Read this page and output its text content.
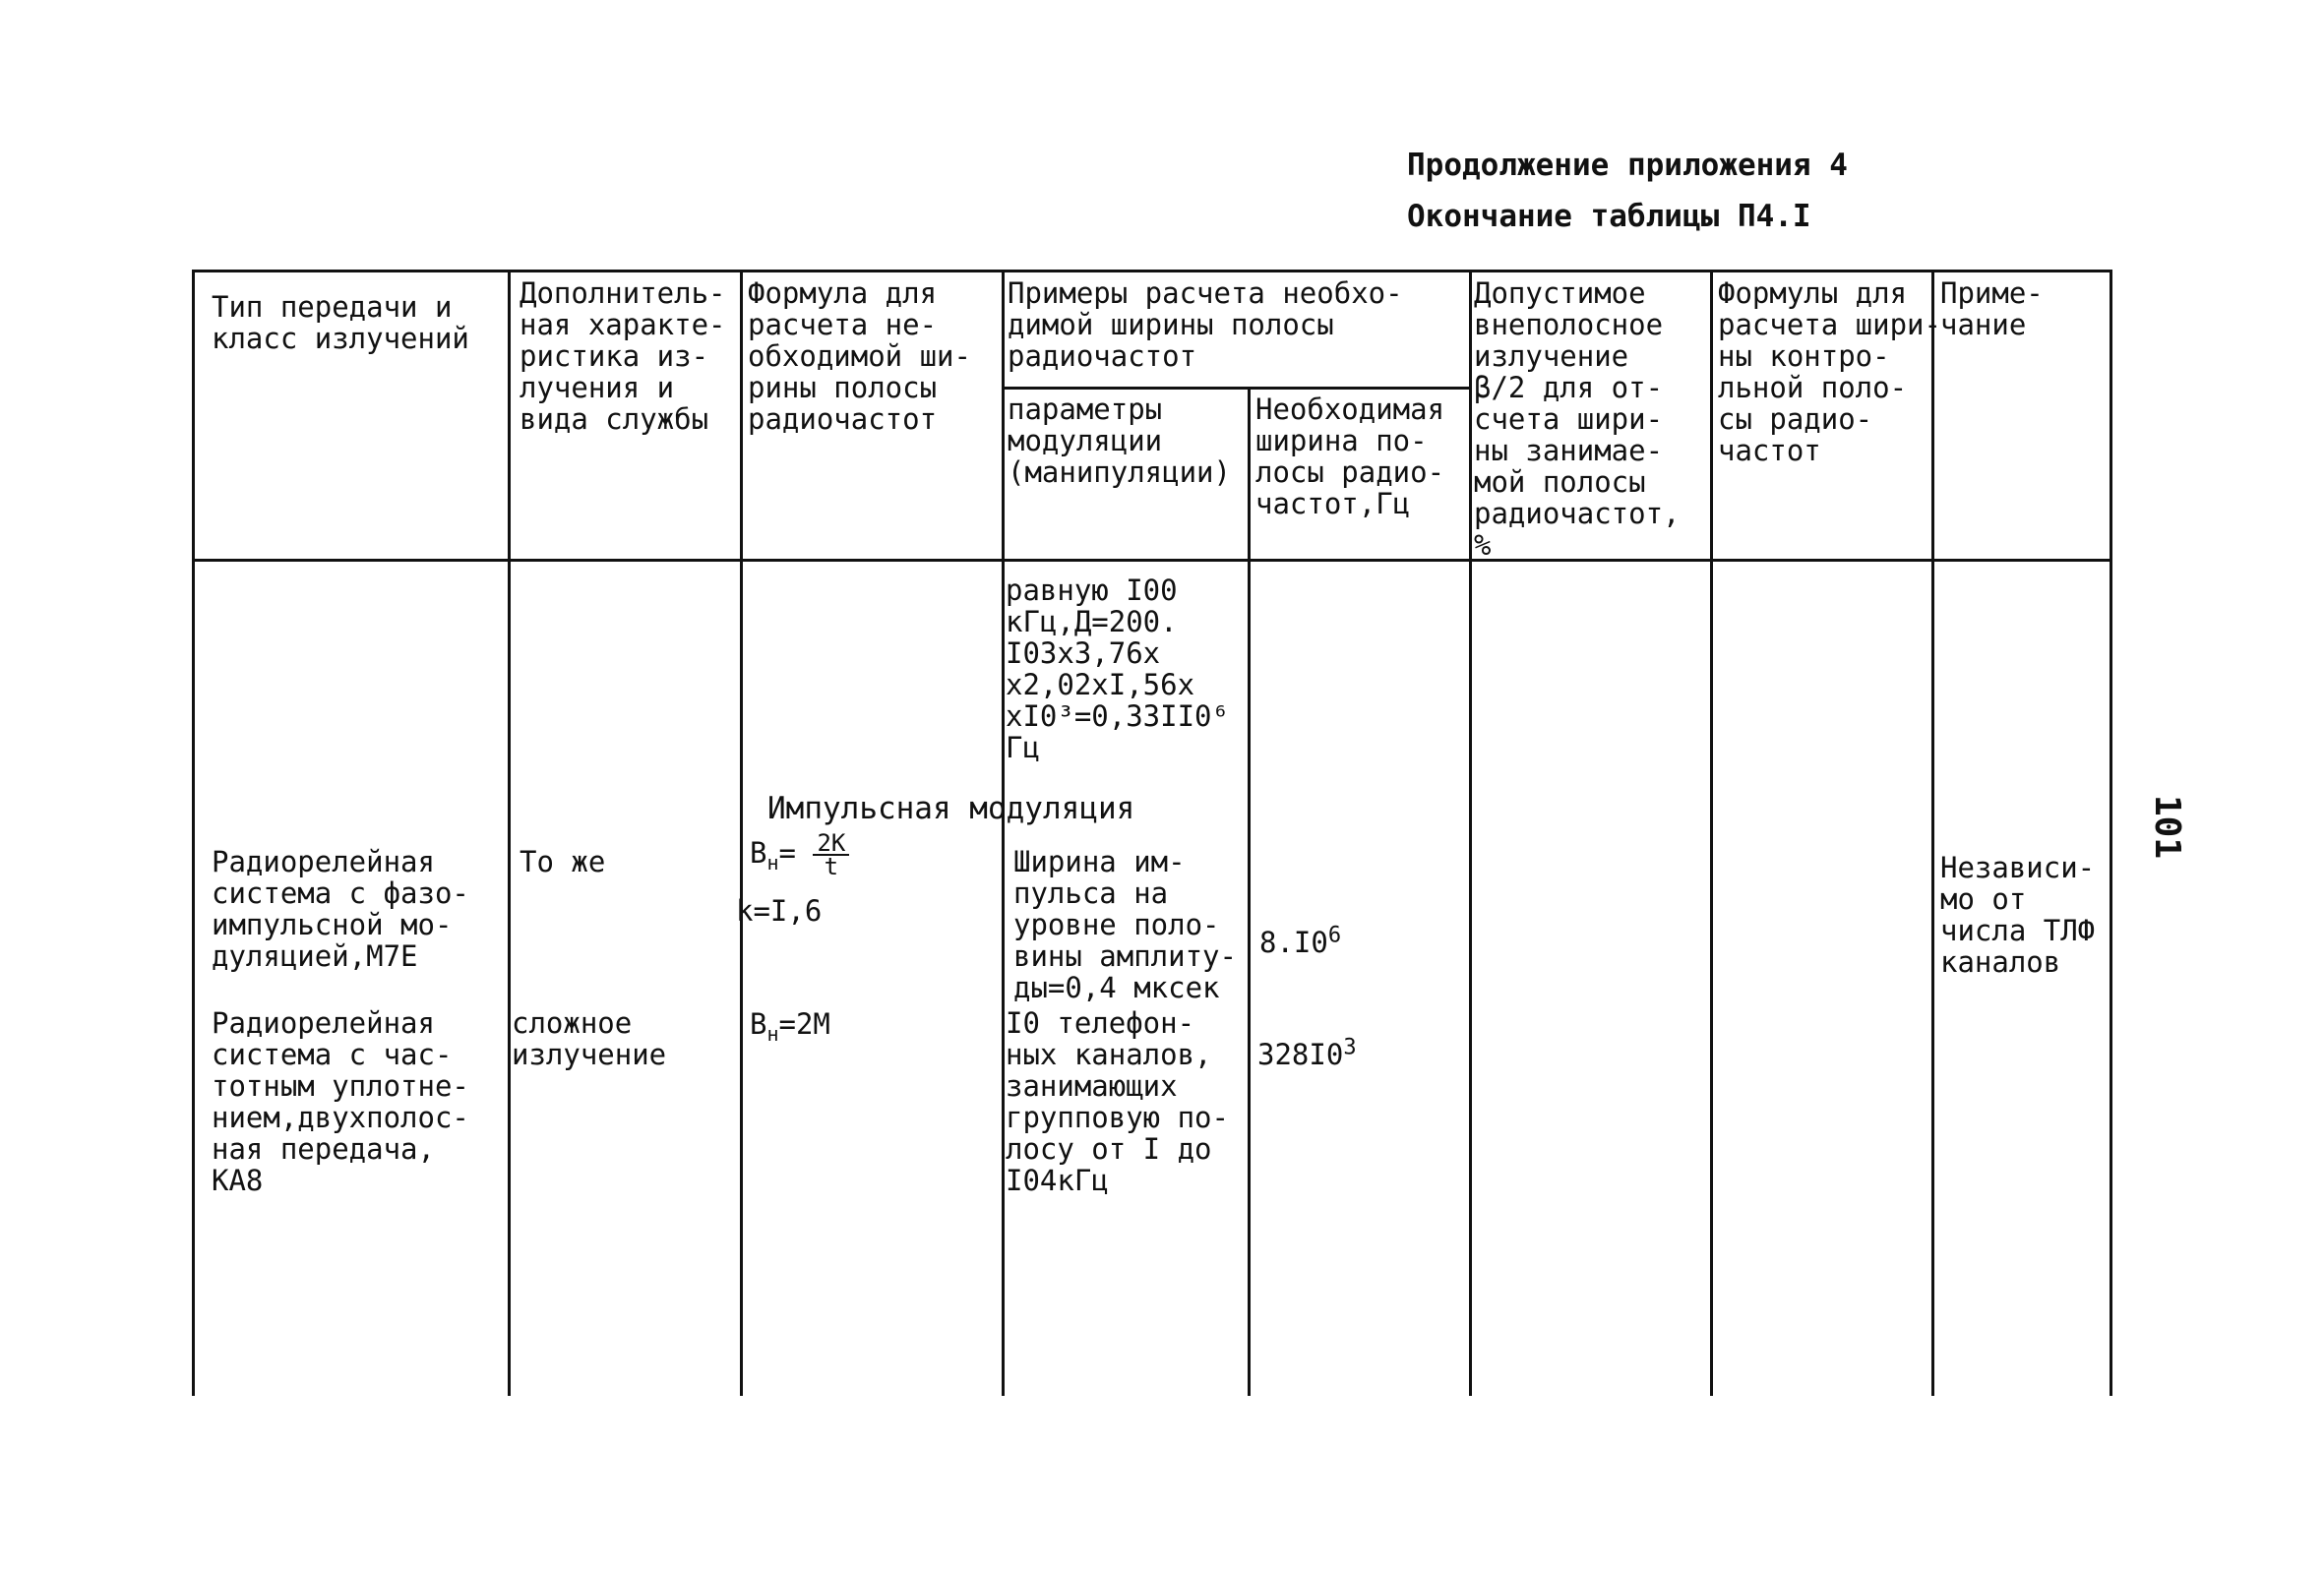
Продолжение приложения 4
Окончание таблицы П4.I
101
Тип передачи и
класс излучений
Дополнитель-
ная характе-
ристика из-
лучения и
вида службы
Формула для
расчета не-
обходимой ши-
рины полосы
радиочастот
Примеры расчета необхо-
димой ширины полосы
радиочастот
параметры
модуляции
(манипуляции)
Необходимая
ширина по-
лосы радио-
частот,Гц
Допустимое
внеполосное
излучение
β/2 для от-
счета шири-
ны занимае-
мой полосы
радиочастот,
%
Формулы для
расчета шири-
ны контро-
льной поло-
сы радио-
частот
Приме-
чание
равную I00
кГц,Д=200.
I03x3,76x
x2,02xI,56x
xI0³=0,33II0⁶
Гц
Импульсная модуляция
Радиорелейная
система с фазо-
импульсной мо-
дуляцией,M7E
То же	$B_н= \frac{2K}{t}$
k=I,6
Ширина им-
пульса на
уровне поло-
вины амплиту-
ды=0,4 мксек

$8.I0^6$

Независи-
мо от
числа ТЛФ
каналов
Радиорелейная
система с час-
тотным уплотне-
нием,двухполос-
ная передача,
КA8
сложное
излучение
$B_н=2M$	I0 телефон-
ных каналов,
занимающих
групповую по-
лосу от I до
I04кГц

$328I0^3$
